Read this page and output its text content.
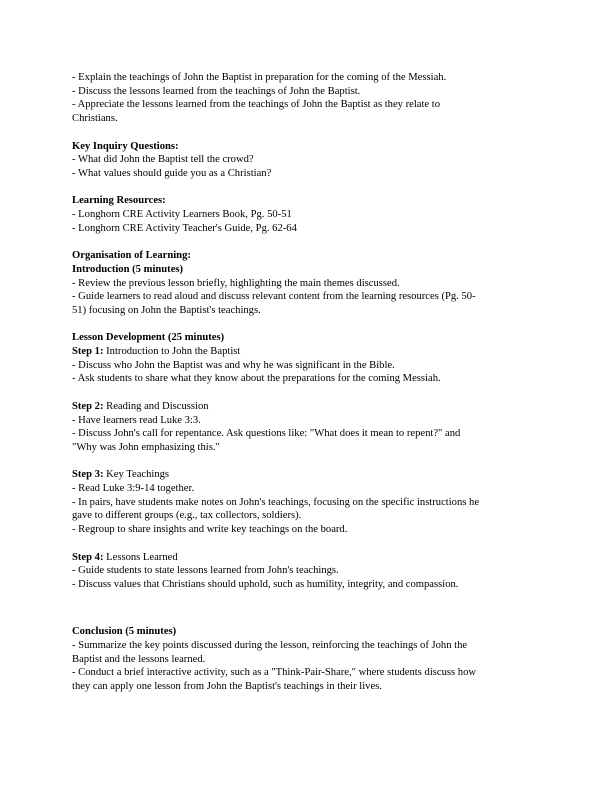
- Explain the teachings of John the Baptist in preparation for the coming of the Messiah.
- Discuss the lessons learned from the teachings of John the Baptist.
- Appreciate the lessons learned from the teachings of John the Baptist as they relate to
Christians.
Key Inquiry Questions:
- What did John the Baptist tell the crowd?
- What values should guide you as a Christian?
Learning Resources:
- Longhorn CRE Activity Learners Book, Pg. 50-51
- Longhorn CRE Activity Teacher's Guide, Pg. 62-64
Organisation of Learning:
Introduction (5 minutes)
- Review the previous lesson briefly, highlighting the main themes discussed.
- Guide learners to read aloud and discuss relevant content from the learning resources (Pg. 50-
51) focusing on John the Baptist's teachings.
Lesson Development (25 minutes)
Step 1: Introduction to John the Baptist
- Discuss who John the Baptist was and why he was significant in the Bible.
- Ask students to share what they know about the preparations for the coming Messiah.
Step 2: Reading and Discussion
- Have learners read Luke 3:3.
- Discuss John's call for repentance. Ask questions like: "What does it mean to repent?" and
"Why was John emphasizing this."
Step 3: Key Teachings
- Read Luke 3:9-14 together.
- In pairs, have students make notes on John's teachings, focusing on the specific instructions he
gave to different groups (e.g., tax collectors, soldiers).
- Regroup to share insights and write key teachings on the board.
Step 4: Lessons Learned
- Guide students to state lessons learned from John's teachings.
- Discuss values that Christians should uphold, such as humility, integrity, and compassion.
Conclusion (5 minutes)
- Summarize the key points discussed during the lesson, reinforcing the teachings of John the
Baptist and the lessons learned.
- Conduct a brief interactive activity, such as a "Think-Pair-Share," where students discuss how
they can apply one lesson from John the Baptist's teachings in their lives.
